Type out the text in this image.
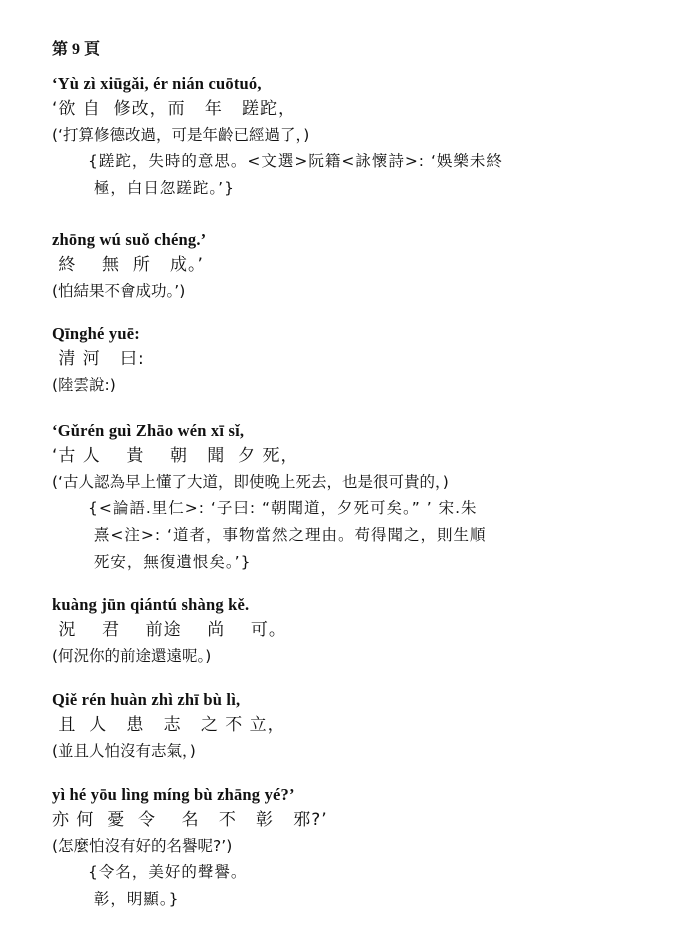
第 9 頁
‘Yù zì xiūgǎi, ér nián cuōtuó,
‘欲 自  修改，而   年   蹉跎，
(‘打算修德改過，可是年齡已經過了，)
{蹉跎，失時的意思。<文選>阮籍<詠懷詩>: ‘娛樂未終
極，白日忽蹉跎。’}
zhōng wú suǒ chéng.’
終    無  所   成。’
(怕結果不會成功。’)
Qīnghé yuē:
清 河   曰:
(陸雲說:)
‘Gǔrén guì Zhāo wén xī sǐ,
‘古 人    貴    朝   聞  夕 死，
(‘古人認為早上懂了大道，即使晚上死去，也是很可貴的，)
{<論語.里仁>: ‘子曰: “朝聞道，夕死可矣。” ’ 宋.朱
熹<注>: ‘道者，事物當然之理由。苟得聞之，則生順
死安，無復遺恨矣。’}
kuàng jūn qiántú shàng kě.
況    君    前途    尚    可。
(何況你的前途還遠呢。)
Qiě rén huàn zhì zhī bù lì,
且  人   患   志   之 不 立，
(並且人怕沒有志氣，)
yì hé yōu lìng míng bù zhāng yé?’
亦 何  憂  令    名   不   彰   邪?’
(怎麼怕沒有好的名譽呢?’)
{令名，美好的聲譽。
彰，明顯。}
